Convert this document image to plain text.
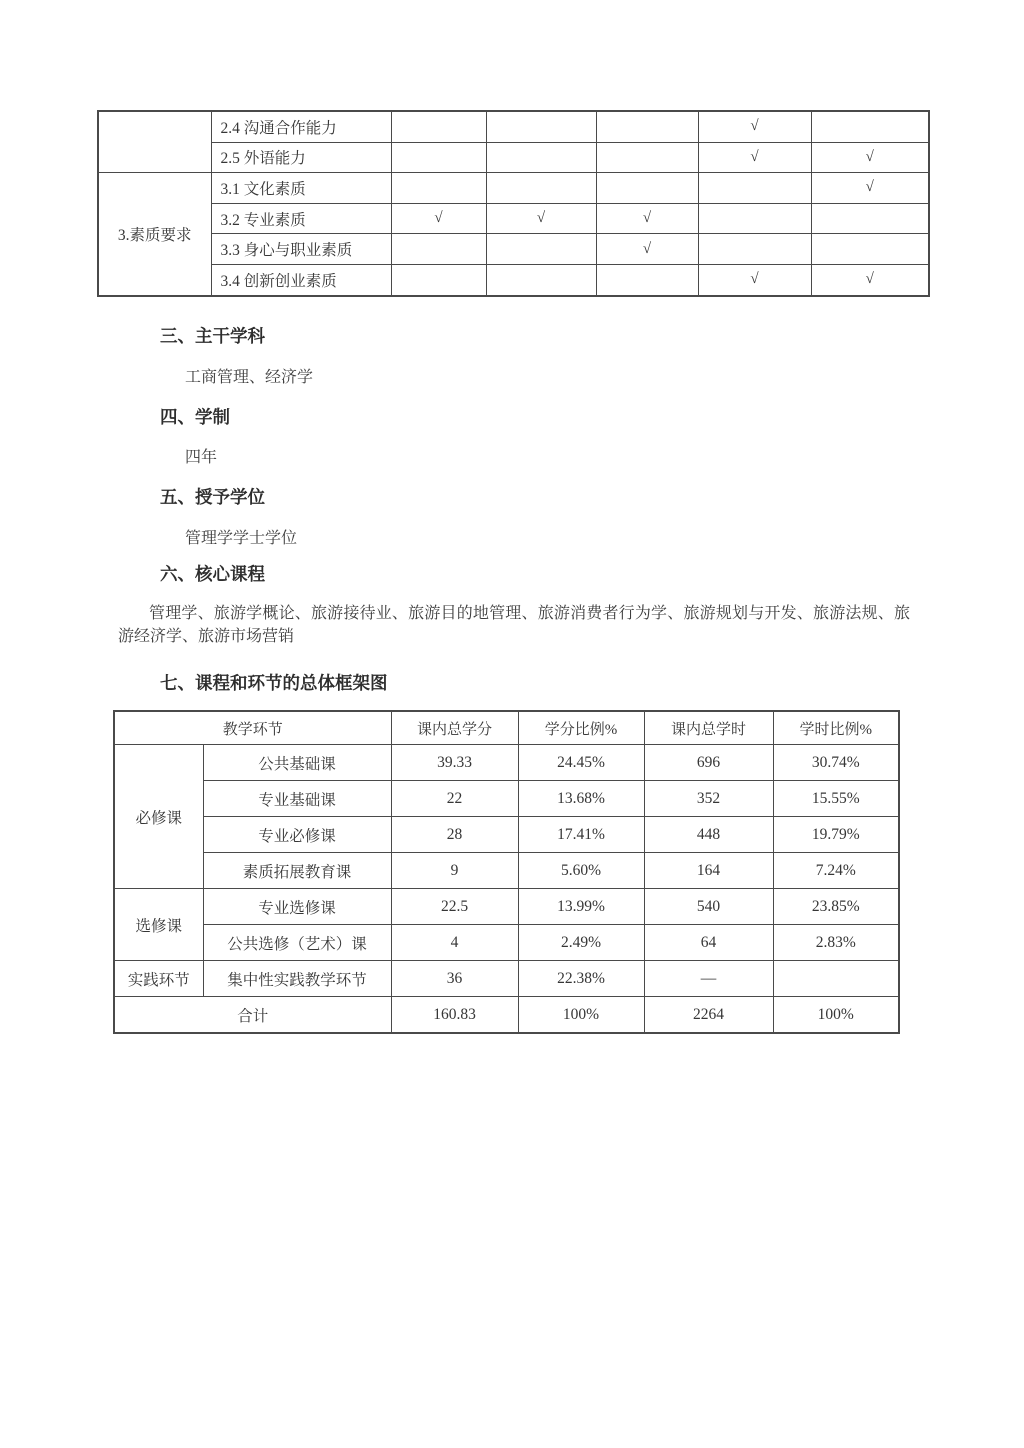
	2.4 沟通合作能力				√	
	2.5 外语能力				√	√
3.素质要求	3.1 文化素质					√
	3.2 专业素质	√	√	√		
	3.3 身心与职业素质			√		
	3.4 创新创业素质				√	√
三、主干学科
工商管理、经济学
四、学制
四年
五、授予学位
管理学学士学位
六、核心课程
管理学、旅游学概论、旅游接待业、旅游目的地管理、旅游消费者行为学、旅游规划与开发、旅游法规、旅游经济学、旅游市场营销
七、课程和环节的总体框架图
教学环节		课内总学分	学分比例%	课内总学时	学时比例%
必修课	公共基础课	39.33	24.45%	696	30.74%
	专业基础课	22	13.68%	352	15.55%
	专业必修课	28	17.41%	448	19.79%
	素质拓展教育课	9	5.60%	164	7.24%
选修课	专业选修课	22.5	13.99%	540	23.85%
	公共选修（艺术）课	4	2.49%	64	2.83%
实践环节	集中性实践教学环节	36	22.38%	—	
合计		160.83	100%	2264	100%
